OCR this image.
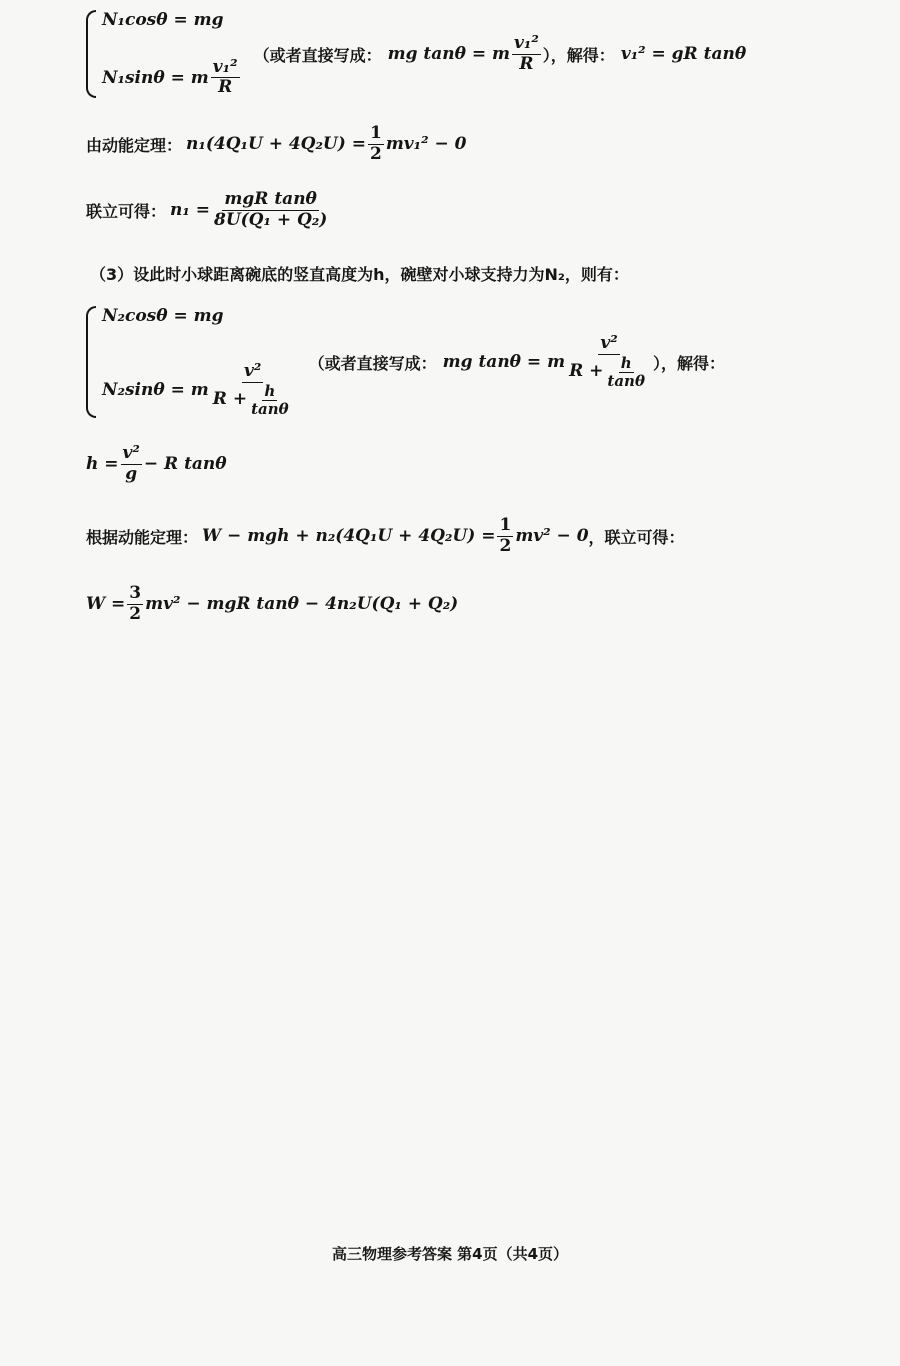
N₁cosθ = mg
N₁sinθ = m $\frac{\text{v₁²}}{R}$
（或者直接写成： mg tanθ = m $\frac{\text{v₁²}}{R}$ ），解得： v₁² = gR tanθ
由动能定理： $n_1(4Q_1U + 4Q_2U) = \frac{1}{2} mv_1^2 - 0$
联立可得： $n_1 = \frac{\text{mgR tanθ}}{\text{8U(Q₁ + Q₂)}}$
（3）设此时小球距离碗底的竖直高度为h，碗壁对小球支持力为N₂，则有：
N₂cosθ = mg
N₂sinθ = m $\frac{\text{v²}}{R + \frac{h}{\tan\theta}}$ （或者直接写成： mg tanθ = m $\frac{\text{v²}}{R + \frac{h}{\tan\theta}}$ ），解得：
$h = \frac{\text{v²}}{g} - R$ tanθ
根据动能定理： W − mgh + $n_2(4Q_1U + 4Q_2U) = \frac{1}{2} mv^2 - 0$ ，联立可得：
$W = \frac{3}{2} mv^2$ − mgR tanθ − 4n₂U(Q₁ + Q₂)
高三物理参考答案 第4页（共4页）
